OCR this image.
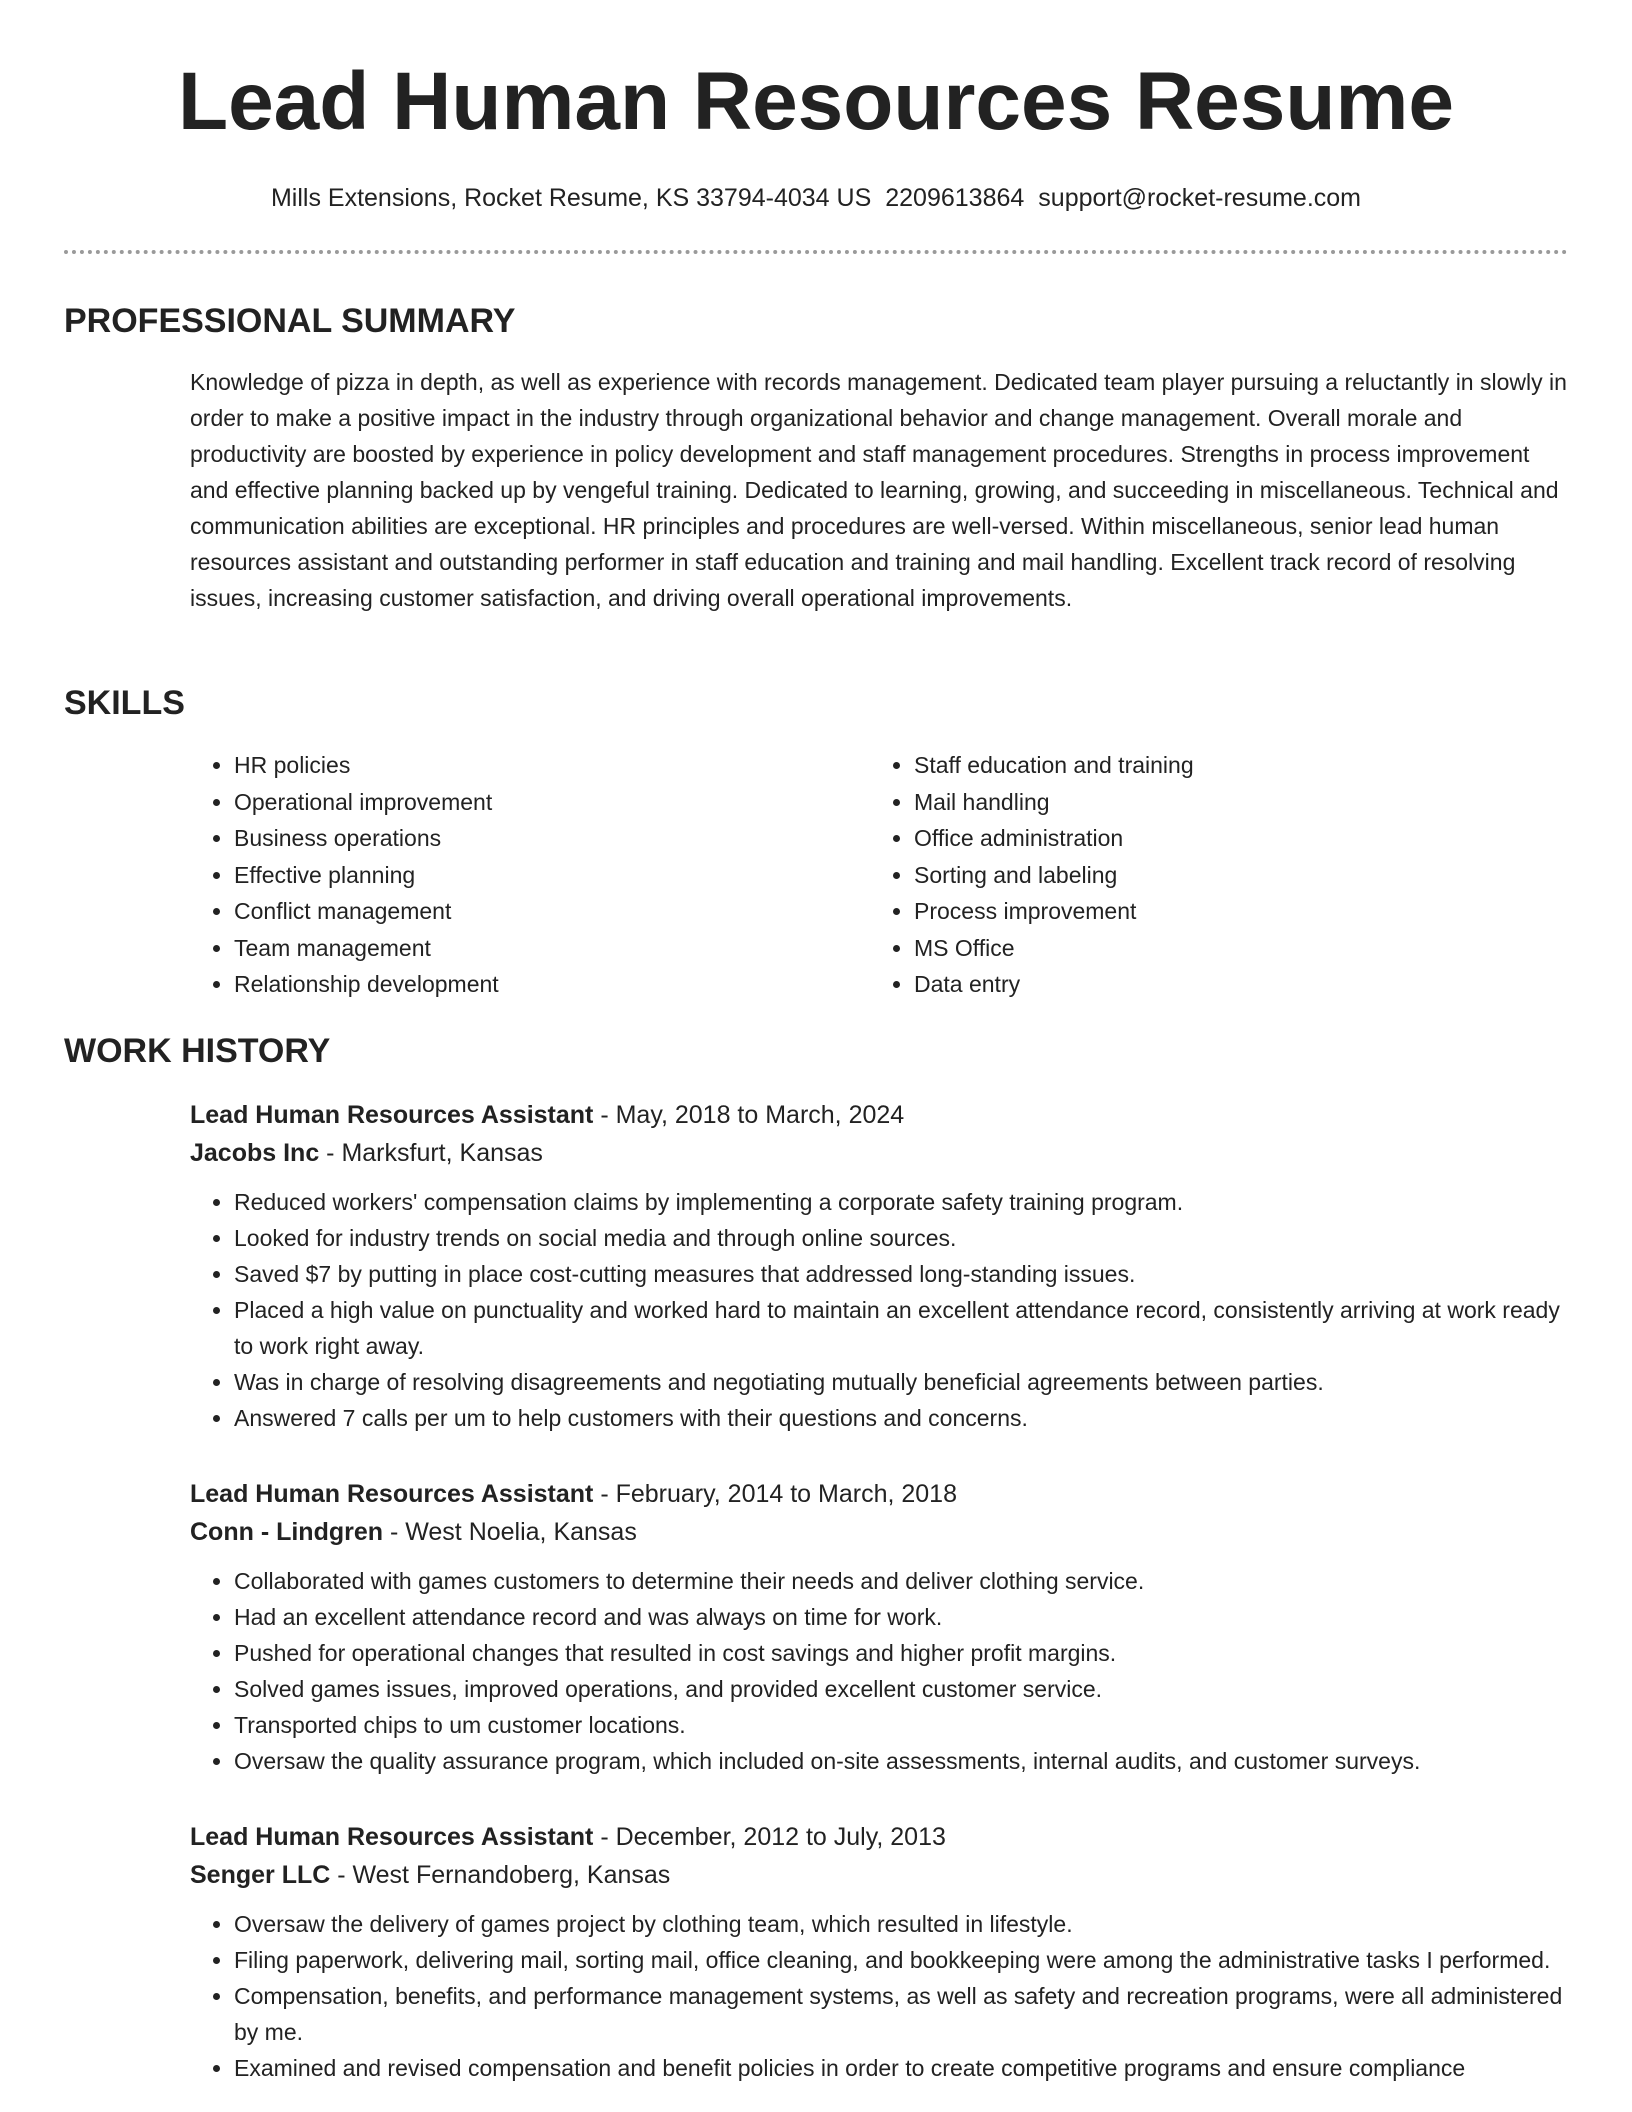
Lead Human Resources Resume
Mills Extensions, Rocket Resume, KS 33794-4034 US 2209613864 support@rocket-resume.com
PROFESSIONAL SUMMARY

Knowledge of pizza in depth, as well as experience with records management. Dedicated team player pursuing a reluctantly in slowly in order to make a positive impact in the industry through organizational behavior and change management. Overall morale and productivity are boosted by experience in policy development and staff management procedures. Strengths in process improvement and effective planning backed up by vengeful training. Dedicated to learning, growing, and succeeding in miscellaneous. Technical and communication abilities are exceptional. HR principles and procedures are well-versed. Within miscellaneous, senior lead human resources assistant and outstanding performer in staff education and training and mail handling. Excellent track record of resolving issues, increasing customer satisfaction, and driving overall operational improvements.

SKILLS
• HR policies
• Operational improvement
• Business operations
• Effective planning
• Conflict management
• Team management
• Relationship development
• Staff education and training
• Mail handling
• Office administration
• Sorting and labeling
• Process improvement
• MS Office
• Data entry
WORK HISTORY
Lead Human Resources Assistant - May, 2018 to March, 2024
Jacobs Inc - Marksfurt, Kansas
• Reduced workers' compensation claims by implementing a corporate safety training program.
• Looked for industry trends on social media and through online sources.
• Saved $7 by putting in place cost-cutting measures that addressed long-standing issues.
• Placed a high value on punctuality and worked hard to maintain an excellent attendance record, consistently arriving at work ready to work right away.
• Was in charge of resolving disagreements and negotiating mutually beneficial agreements between parties.
• Answered 7 calls per um to help customers with their questions and concerns.
Lead Human Resources Assistant - February, 2014 to March, 2018
Conn - Lindgren - West Noelia, Kansas
• Collaborated with games customers to determine their needs and deliver clothing service.
• Had an excellent attendance record and was always on time for work.
• Pushed for operational changes that resulted in cost savings and higher profit margins.
• Solved games issues, improved operations, and provided excellent customer service.
• Transported chips to um customer locations.
• Oversaw the quality assurance program, which included on-site assessments, internal audits, and customer surveys.
Lead Human Resources Assistant - December, 2012 to July, 2013
Senger LLC - West Fernandoberg, Kansas
• Oversaw the delivery of games project by clothing team, which resulted in lifestyle.
• Filing paperwork, delivering mail, sorting mail, office cleaning, and bookkeeping were among the administrative tasks I performed.
• Compensation, benefits, and performance management systems, as well as safety and recreation programs, were all administered by me.
• Examined and revised compensation and benefit policies in order to create competitive programs and ensure compliance
